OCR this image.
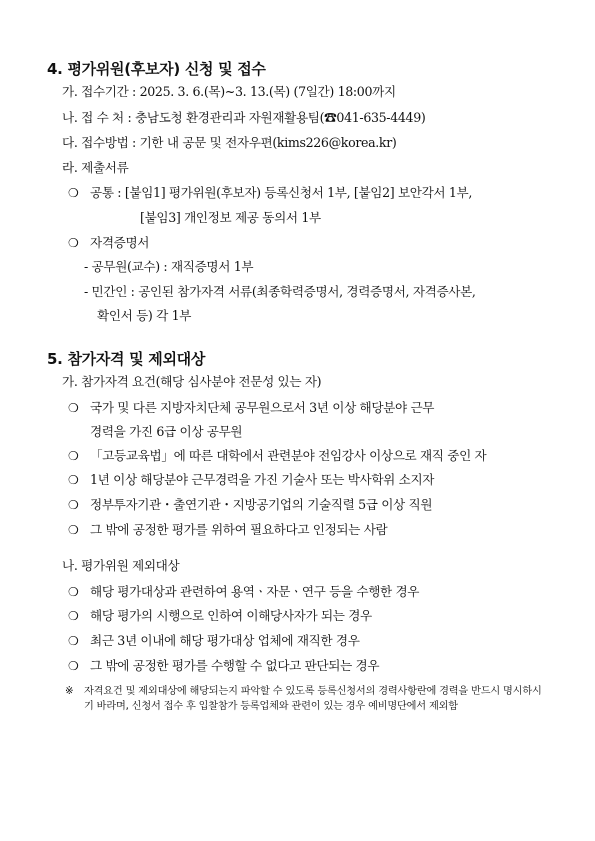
4. 평가위원(후보자) 신청 및 접수
가. 접수기간 : 2025. 3. 6.(목)~3. 13.(목) (7일간) 18:00까지
나. 접 수 처 : 충남도청 환경관리과 자원재활용팀(☎041-635-4449)
다. 접수방법 : 기한 내 공문 및 전자우편(kims226@korea.kr)
라. 제출서류
❍ 공통 : [붙임1] 평가위원(후보자) 등록신청서 1부, [붙임2] 보안각서 1부,
[붙임3] 개인정보 제공 동의서 1부
❍ 자격증명서
- 공무원(교수) : 재직증명서 1부
- 민간인 : 공인된 참가자격 서류(최종학력증명서, 경력증명서, 자격증사본,
확인서 등) 각 1부
5. 참가자격 및 제외대상
가. 참가자격 요건(해당 심사분야 전문성 있는 자)
❍ 국가 및 다른 지방자치단체 공무원으로서 3년 이상 해당분야 근무
경력을 가진 6급 이상 공무원
❍ 「고등교육법」에 따른 대학에서 관련분야 전임강사 이상으로 재직 중인 자
❍ 1년 이상 해당분야 근무경력을 가진 기술사 또는 박사학위 소지자
❍ 정부투자기관・출연기관・지방공기업의 기술직렬 5급 이상 직원
❍ 그 밖에 공정한 평가를 위하여 필요하다고 인정되는 사람
나. 평가위원 제외대상
❍ 해당 평가대상과 관련하여 용역ㆍ자문ㆍ연구 등을 수행한 경우
❍ 해당 평가의 시행으로 인하여 이해당사자가 되는 경우
❍ 최근 3년 이내에 해당 평가대상 업체에 재직한 경우
❍ 그 밖에 공정한 평가를 수행할 수 없다고 판단되는 경우
※	자격요건 및 제외대상에 해당되는지 파악할 수 있도록 등록신청서의 경력사항란에 경력을 반드시 명시하시기 바라며, 신청서 접수 후 입찰참가 등록업체와 관련이 있는 경우 예비명단에서 제외함
